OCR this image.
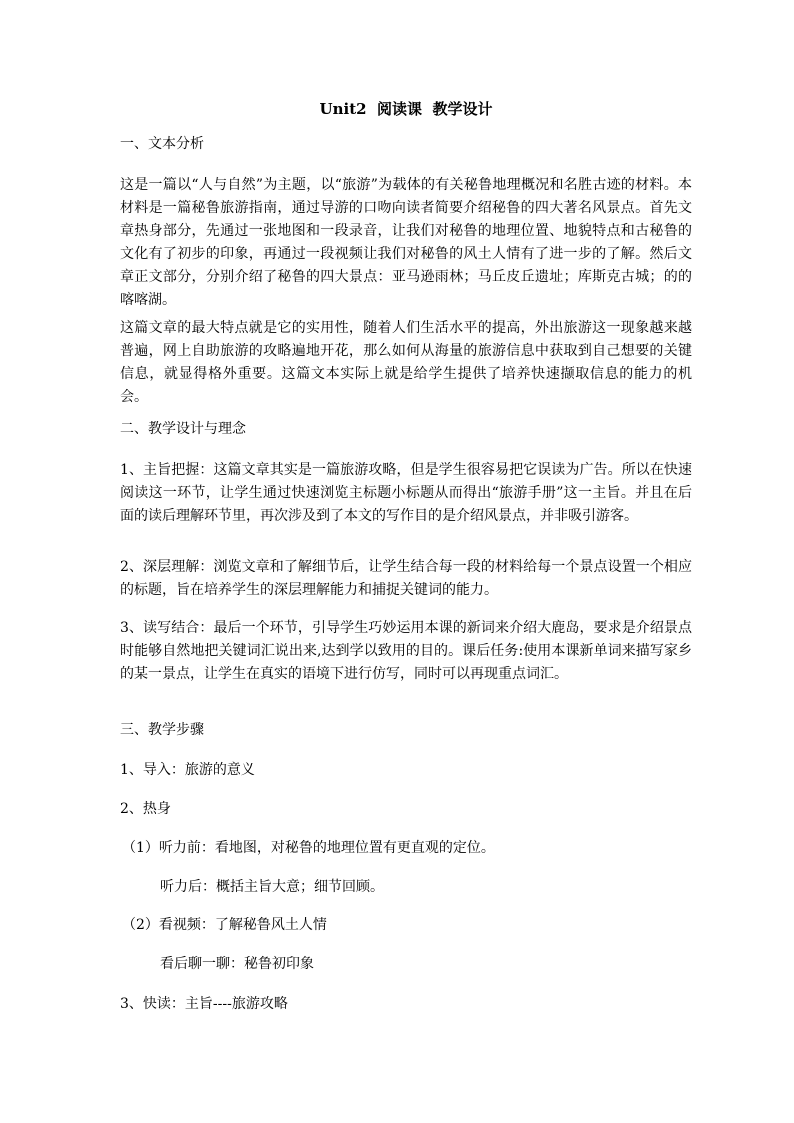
Unit2  阅读课  教学设计
一、文本分析

这是一篇以“人与自然”为主题，以“旅游”为载体的有关秘鲁地理概况和名胜古迹的材料。本材料是一篇秘鲁旅游指南，通过导游的口吻向读者简要介绍秘鲁的四大著名风景点。首先文章热身部分，先通过一张地图和一段录音，让我们对秘鲁的地理位置、地貌特点和古秘鲁的文化有了初步的印象，再通过一段视频让我们对秘鲁的风土人情有了进一步的了解。然后文章正文部分，分别介绍了秘鲁的四大景点：亚马逊雨林；马丘皮丘遗址；库斯克古城；的的喀喀湖。

这篇文章的最大特点就是它的实用性，随着人们生活水平的提高，外出旅游这一现象越来越普遍，网上自助旅游的攻略遍地开花，那么如何从海量的旅游信息中获取到自己想要的关键信息，就显得格外重要。这篇文本实际上就是给学生提供了培养快速撷取信息的能力的机会。

二、教学设计与理念

1、主旨把握：这篇文章其实是一篇旅游攻略，但是学生很容易把它误读为广告。所以在快速阅读这一环节，让学生通过快速浏览主标题小标题从而得出“旅游手册”这一主旨。并且在后面的读后理解环节里，再次涉及到了本文的写作目的是介绍风景点，并非吸引游客。

2、深层理解：浏览文章和了解细节后，让学生结合每一段的材料给每一个景点设置一个相应的标题，旨在培养学生的深层理解能力和捕捉关键词的能力。

3、读写结合：最后一个环节，引导学生巧妙运用本课的新词来介绍大鹿岛，要求是介绍景点时能够自然地把关键词汇说出来,达到学以致用的目的。课后任务:使用本课新单词来描写家乡的某一景点，让学生在真实的语境下进行仿写，同时可以再现重点词汇。

三、教学步骤
1、导入：旅游的意义
2、热身
（1）听力前：看地图，对秘鲁的地理位置有更直观的定位。
听力后：概括主旨大意；细节回顾。
（2）看视频：了解秘鲁风土人情
看后聊一聊：秘鲁初印象
3、快读：主旨----旅游攻略
